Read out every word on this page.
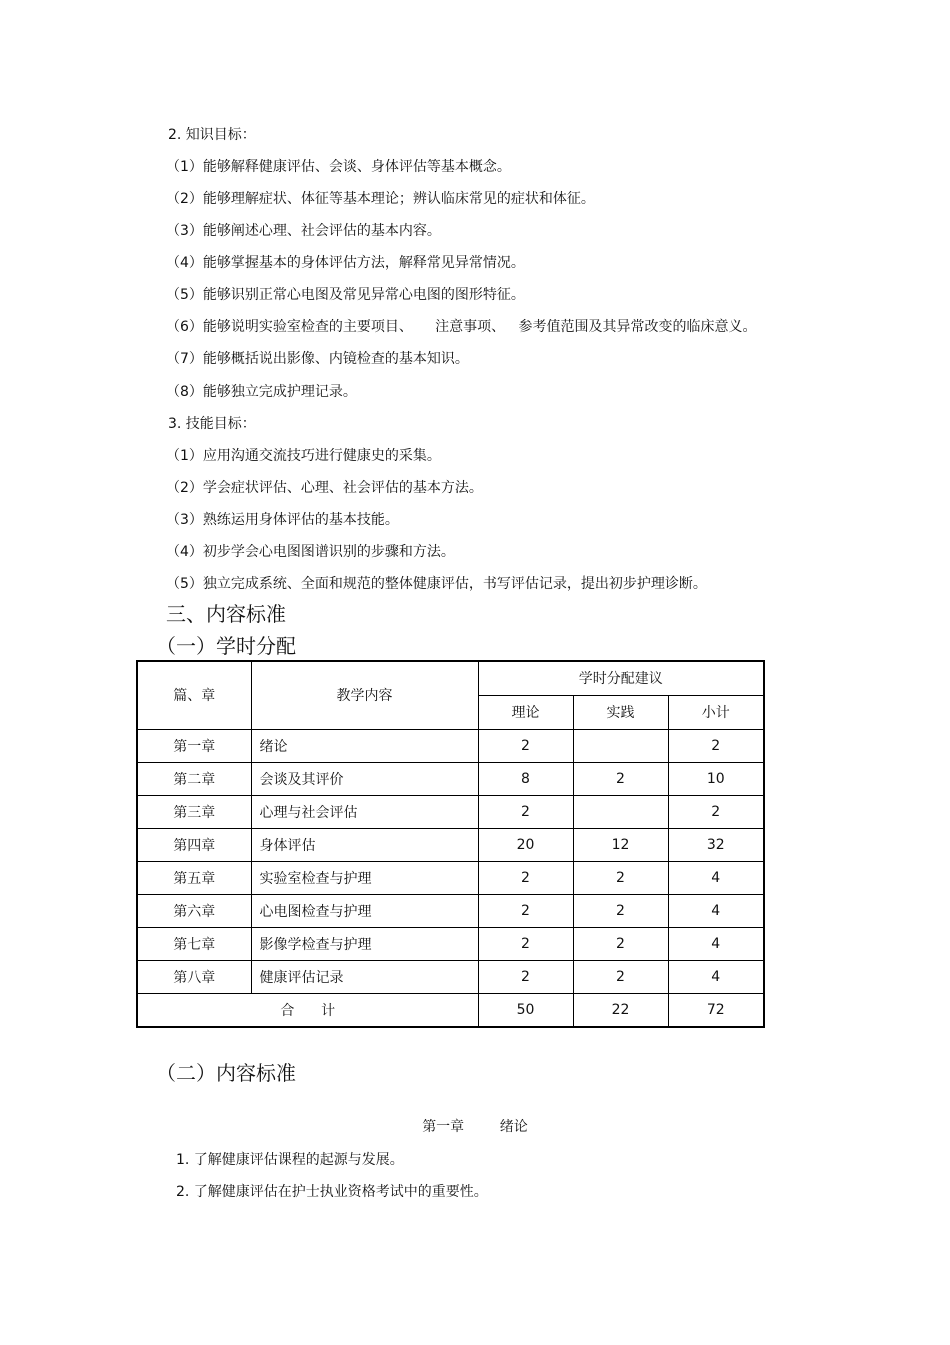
2. 知识目标：
（1）能够解释健康评估、会谈、身体评估等基本概念。
（2）能够理解症状、体征等基本理论；辨认临床常见的症状和体征。
（3）能够阐述心理、社会评估的基本内容。
（4）能够掌握基本的身体评估方法，解释常见异常情况。
（5）能够识别正常心电图及常见异常心电图的图形特征。
（6）能够说明实验室检查的主要项目、     注意事项、   参考值范围及其异常改变的临床意义。
（7）能够概括说出影像、内镜检查的基本知识。
（8）能够独立完成护理记录。
3. 技能目标：
（1）应用沟通交流技巧进行健康史的采集。
（2）学会症状评估、心理、社会评估的基本方法。
（3）熟练运用身体评估的基本技能。
（4）初步学会心电图图谱识别的步骤和方法。
（5）独立完成系统、全面和规范的整体健康评估，书写评估记录，提出初步护理诊断。
三、内容标准
（一）学时分配
篇、章	教学内容	学时分配建议		
		理论	实践	小计
第一章	绪论	2		2
第二章	会谈及其评价	8	2	10
第三章	心理与社会评估	2		2
第四章	身体评估	20	12	32
第五章	实验室检查与护理	2	2	4
第六章	心电图检查与护理	2	2	4
第七章	影像学检查与护理	2	2	4
第八章	健康评估记录	2	2	4
合      计		50	22	72
（二）内容标准
第一章        绪论
1. 了解健康评估课程的起源与发展。
2. 了解健康评估在护士执业资格考试中的重要性。
